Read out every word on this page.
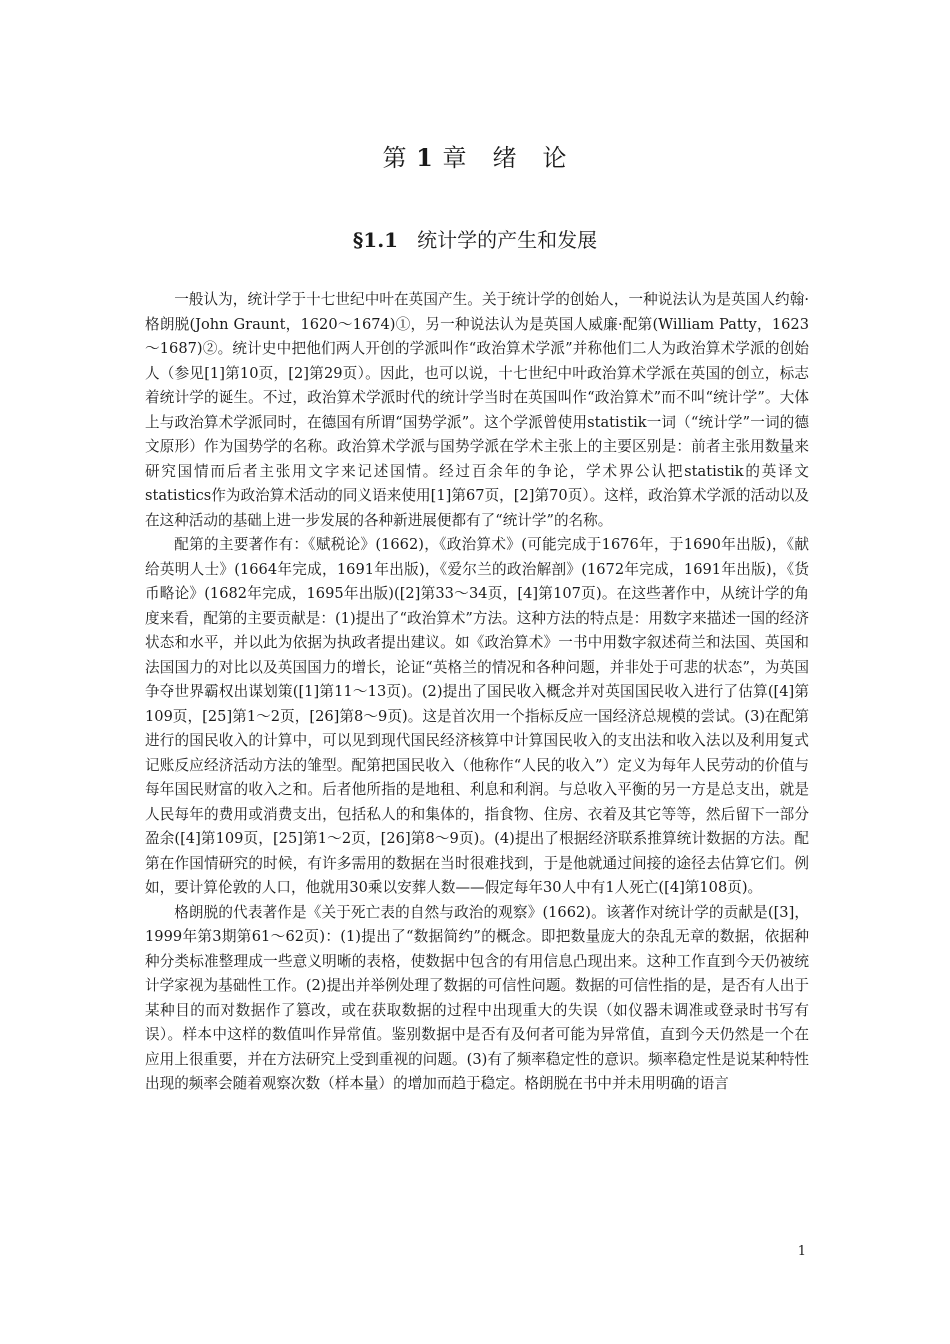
第 1 章　绪　论
§1.1 统计学的产生和发展

一般认为，统计学于十七世纪中叶在英国产生。关于统计学的创始人，一种说法认为是英国人约翰·格朗脱(John Graunt，1620～1674)①，另一种说法认为是英国人威廉·配第(William Patty，1623～1687)②。统计史中把他们两人开创的学派叫作“政治算术学派”并称他们二人为政治算术学派的创始人（参见[1]第10页，[2]第29页）。因此，也可以说，十七世纪中叶政治算术学派在英国的创立，标志着统计学的诞生。不过，政治算术学派时代的统计学当时在英国叫作“政治算术”而不叫“统计学”。大体上与政治算术学派同时，在德国有所谓“国势学派”。这个学派曾使用statistik一词（“统计学”一词的德文原形）作为国势学的名称。政治算术学派与国势学派在学术主张上的主要区别是：前者主张用数量来研究国情而后者主张用文字来记述国情。经过百余年的争论，学术界公认把statistik的英译文statistics作为政治算术活动的同义语来使用[1]第67页，[2]第70页）。这样，政治算术学派的活动以及在这种活动的基础上进一步发展的各种新进展便都有了“统计学”的名称。

配第的主要著作有：《赋税论》(1662)，《政治算术》(可能完成于1676年，于1690年出版)，《献给英明人士》(1664年完成，1691年出版)，《爱尔兰的政治解剖》(1672年完成，1691年出版)，《货币略论》(1682年完成，1695年出版)([2]第33～34页，[4]第107页)。在这些著作中，从统计学的角度来看，配第的主要贡献是：(1)提出了“政治算术”方法。这种方法的特点是：用数字来描述一国的经济状态和水平，并以此为依据为执政者提出建议。如《政治算术》一书中用数字叙述荷兰和法国、英国和法国国力的对比以及英国国力的增长，论证“英格兰的情况和各种问题，并非处于可悲的状态”，为英国争夺世界霸权出谋划策([1]第11～13页)。(2)提出了国民收入概念并对英国国民收入进行了估算([4]第109页，[25]第1～2页，[26]第8～9页)。这是首次用一个指标反应一国经济总规模的尝试。(3)在配第进行的国民收入的计算中，可以见到现代国民经济核算中计算国民收入的支出法和收入法以及利用复式记账反应经济活动方法的雏型。配第把国民收入（他称作“人民的收入”）定义为每年人民劳动的价值与每年国民财富的收入之和。后者他所指的是地租、利息和利润。与总收入平衡的另一方是总支出，就是人民每年的费用或消费支出，包括私人的和集体的，指食物、住房、衣着及其它等等，然后留下一部分盈余([4]第109页，[25]第1～2页，[26]第8～9页)。(4)提出了根据经济联系推算统计数据的方法。配第在作国情研究的时候，有许多需用的数据在当时很难找到，于是他就通过间接的途径去估算它们。例如，要计算伦敦的人口，他就用30乘以安葬人数——假定每年30人中有1人死亡([4]第108页)。

格朗脱的代表著作是《关于死亡表的自然与政治的观察》(1662)。该著作对统计学的贡献是([3]，1999年第3期第61～62页)：(1)提出了“数据简约”的概念。即把数量庞大的杂乱无章的数据，依据种种分类标准整理成一些意义明晰的表格，使数据中包含的有用信息凸现出来。这种工作直到今天仍被统计学家视为基础性工作。(2)提出并举例处理了数据的可信性问题。数据的可信性指的是，是否有人出于某种目的而对数据作了篡改，或在获取数据的过程中出现重大的失误（如仪器未调准或登录时书写有误）。样本中这样的数值叫作异常值。鉴别数据中是否有及何者可能为异常值，直到今天仍然是一个在应用上很重要，并在方法研究上受到重视的问题。(3)有了频率稳定性的意识。频率稳定性是说某种特性出现的频率会随着观察次数（样本量）的增加而趋于稳定。格朗脱在书中并未用明确的语言

1
